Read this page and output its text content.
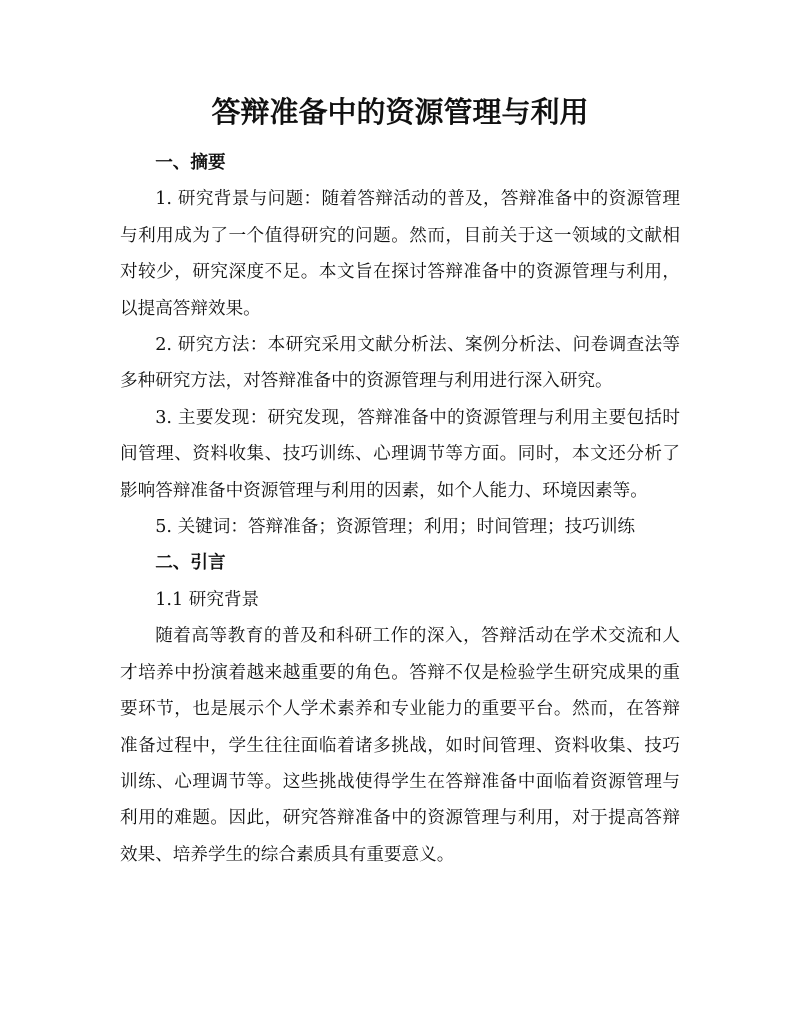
答辩准备中的资源管理与利用

一、摘要

1. 研究背景与问题：随着答辩活动的普及，答辩准备中的资源管理与利用成为了一个值得研究的问题。然而，目前关于这一领域的文献相对较少，研究深度不足。本文旨在探讨答辩准备中的资源管理与利用，以提高答辩效果。

2. 研究方法：本研究采用文献分析法、案例分析法、问卷调查法等多种研究方法，对答辩准备中的资源管理与利用进行深入研究。

3. 主要发现：研究发现，答辩准备中的资源管理与利用主要包括时间管理、资料收集、技巧训练、心理调节等方面。同时，本文还分析了影响答辩准备中资源管理与利用的因素，如个人能力、环境因素等。

5. 关键词：答辩准备；资源管理；利用；时间管理；技巧训练

二、引言

1.1 研究背景

随着高等教育的普及和科研工作的深入，答辩活动在学术交流和人才培养中扮演着越来越重要的角色。答辩不仅是检验学生研究成果的重要环节，也是展示个人学术素养和专业能力的重要平台。然而，在答辩准备过程中，学生往往面临着诸多挑战，如时间管理、资料收集、技巧训练、心理调节等。这些挑战使得学生在答辩准备中面临着资源管理与利用的难题。因此，研究答辩准备中的资源管理与利用，对于提高答辩效果、培养学生的综合素质具有重要意义。
